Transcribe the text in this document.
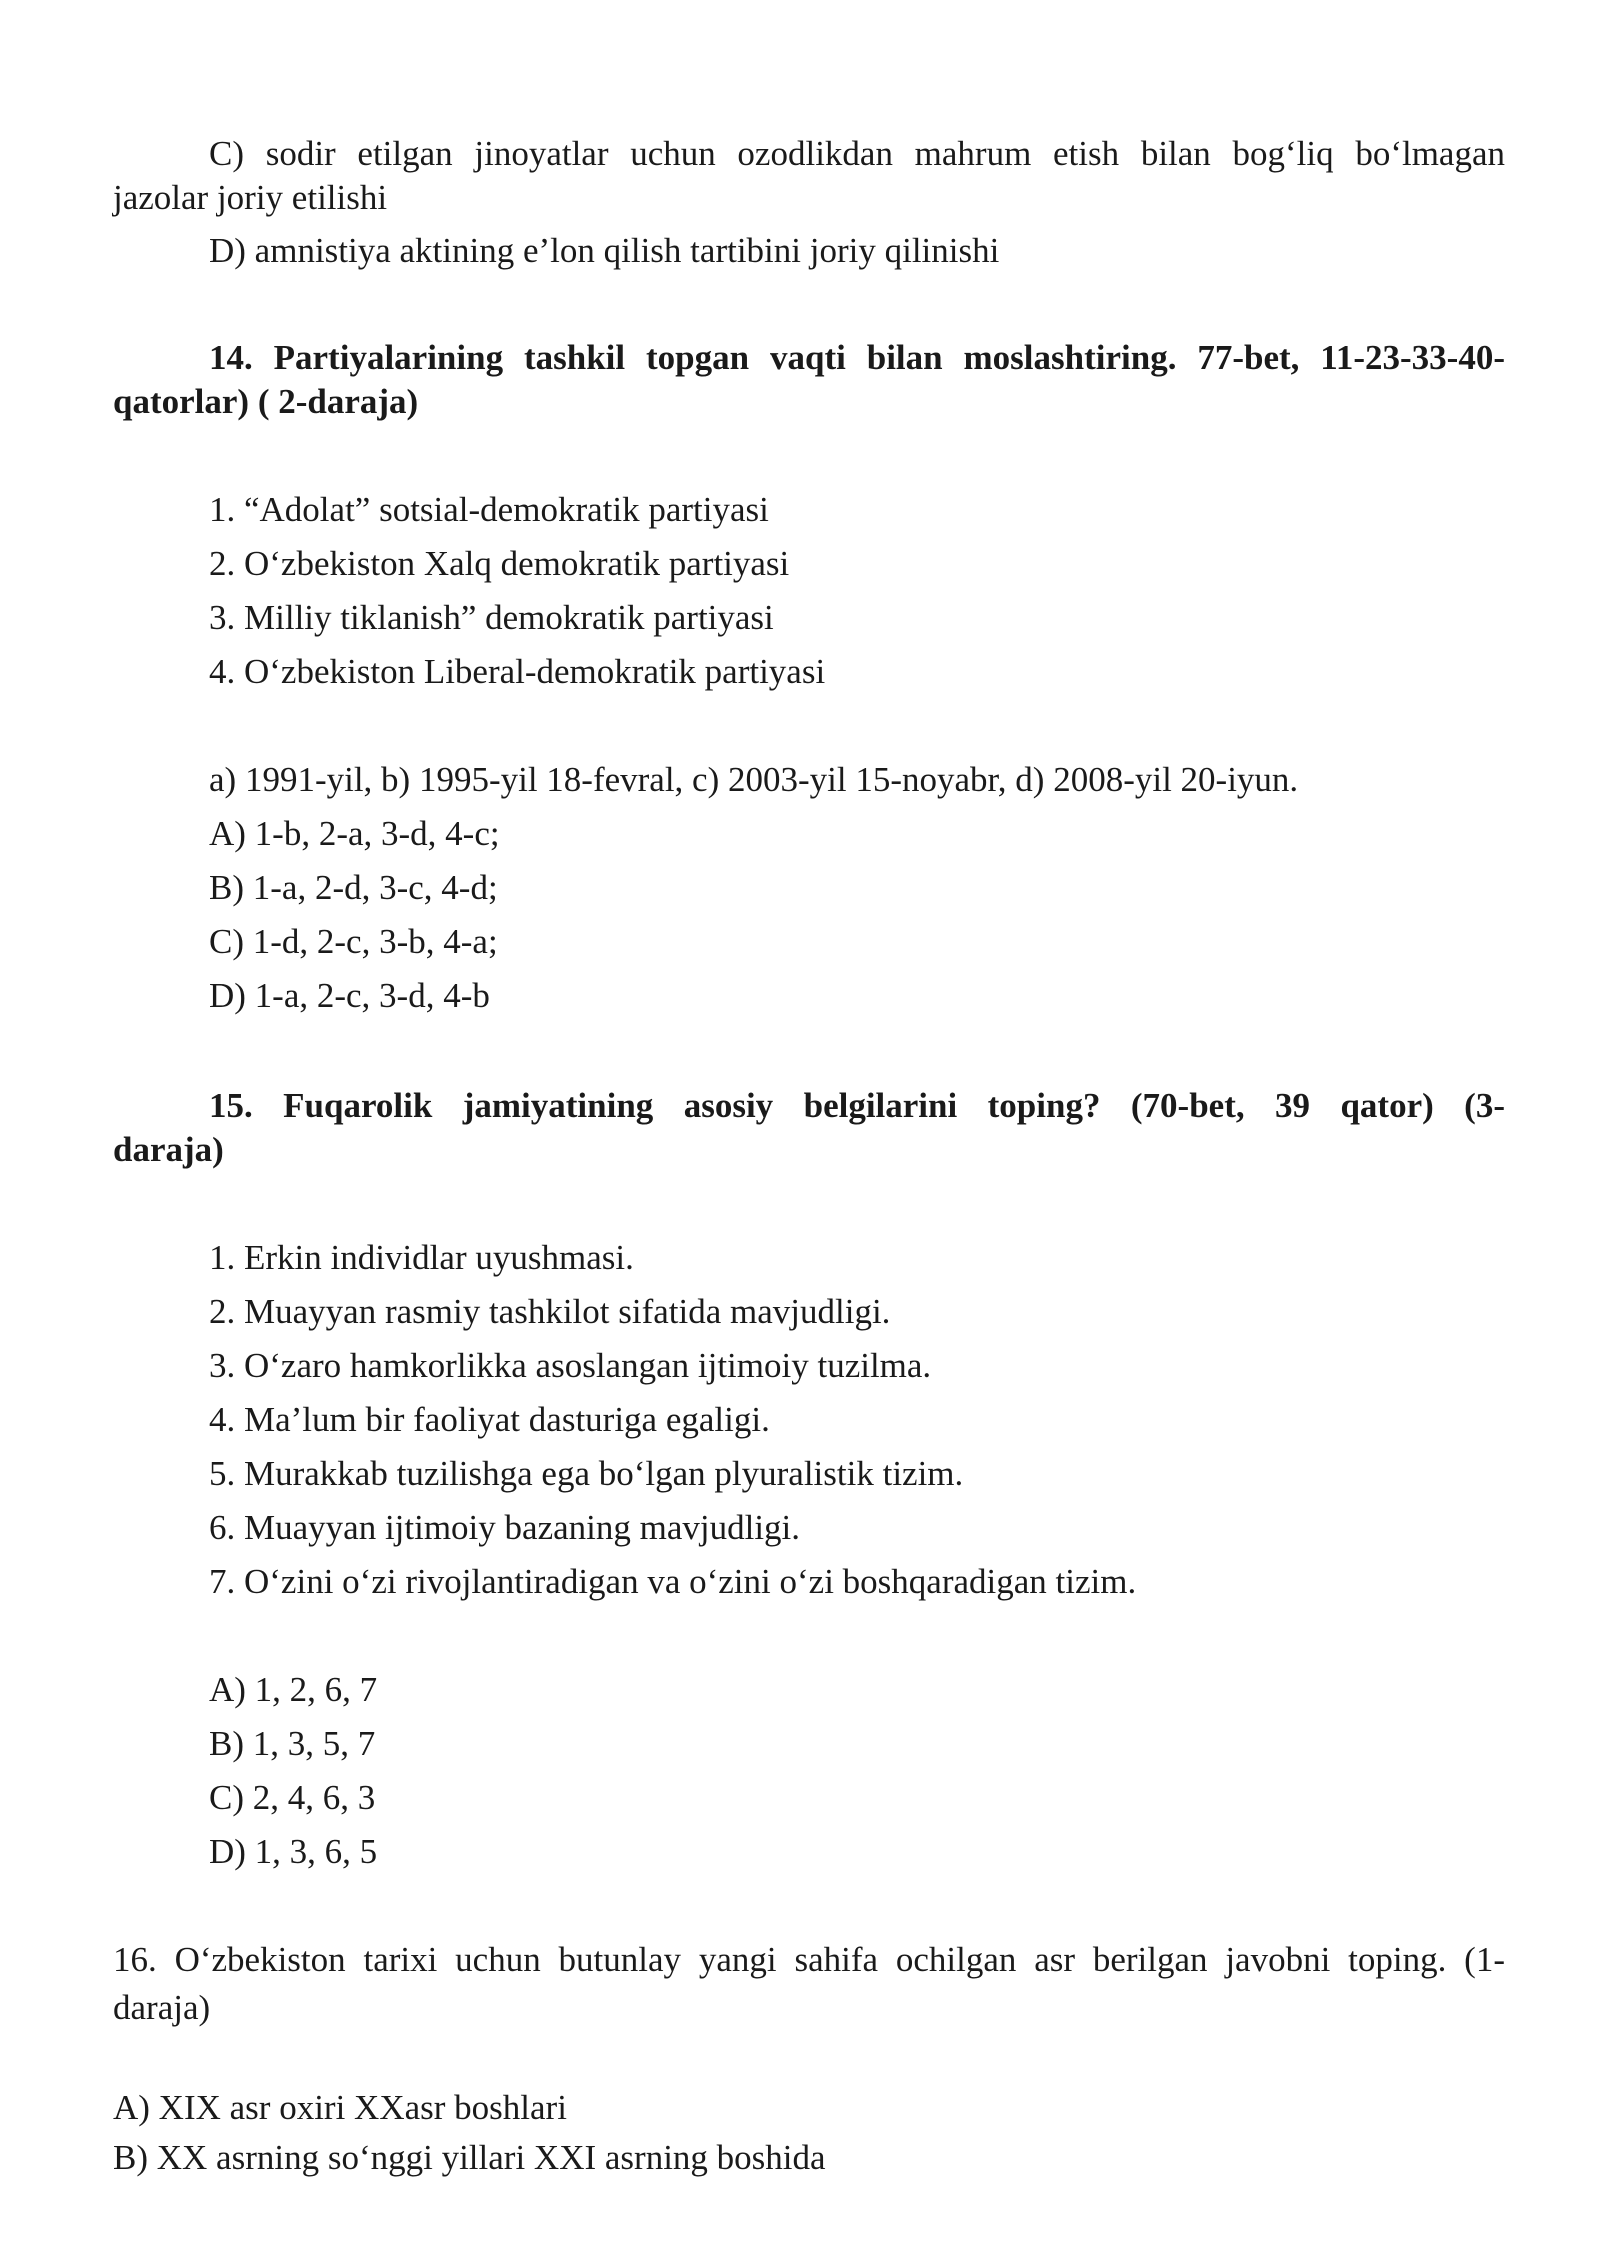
C) sodir etilgan jinoyatlar uchun ozodlikdan mahrum etish bilan bog‘liq bo‘lmagan
jazolar joriy etilishi
D) amnistiya aktining e’lon qilish tartibini joriy qilinishi
14. Partiyalarining tashkil topgan vaqti bilan moslashtiring. 77-bet, 11-23-33-40-
qatorlar) ( 2-daraja)
1. “Adolat” sotsial-demokratik partiyasi
2. O‘zbekiston Xalq demokratik partiyasi
3. Milliy tiklanish” demokratik partiyasi
4. O‘zbekiston Liberal-demokratik partiyasi
a) 1991-yil, b) 1995-yil 18-fevral, c) 2003-yil 15-noyabr, d) 2008-yil 20-iyun.
A) 1-b, 2-a, 3-d, 4-c;
B) 1-a, 2-d, 3-c, 4-d;
C) 1-d, 2-c, 3-b, 4-a;
D) 1-a, 2-c, 3-d, 4-b
15. Fuqarolik jamiyatining asosiy belgilarini toping? (70-bet, 39 qator) (3-
daraja)
1. Erkin individlar uyushmasi.
2. Muayyan rasmiy tashkilot sifatida mavjudligi.
3. O‘zaro hamkorlikka asoslangan ijtimoiy tuzilma.
4. Ma’lum bir faoliyat dasturiga egaligi.
5. Murakkab tuzilishga ega bo‘lgan plyuralistik tizim.
6. Muayyan ijtimoiy bazaning mavjudligi.
7. O‘zini o‘zi rivojlantiradigan va o‘zini o‘zi boshqaradigan tizim.
A) 1, 2, 6, 7
B) 1, 3, 5, 7
C) 2, 4, 6, 3
D) 1, 3, 6, 5
16. O‘zbekiston tarixi uchun butunlay yangi sahifa ochilgan asr berilgan javobni toping. (1-
daraja)
A) XIX asr oxiri XXasr boshlari
B) XX asrning so‘nggi yillari XXI asrning boshida
